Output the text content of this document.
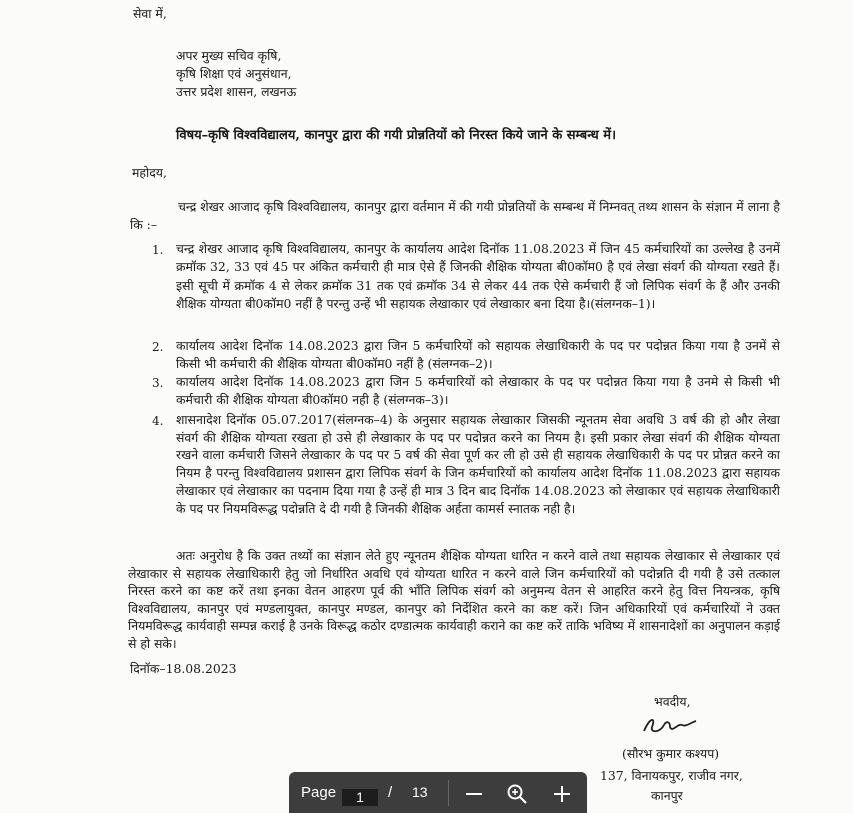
सेवा में,
अपर मुख्य सचिव कृषि,
कृषि शिक्षा एवं अनुसंधान,
उत्तर प्रदेश शासन, लखनऊ
विषय–कृषि विश्वविद्यालय, कानपुर द्वारा की गयी प्रोन्नतियों को निरस्त किये जाने के सम्बन्ध में।
महोदय,
चन्द्र शेखर आजाद कृषि विश्वविद्यालय, कानपुर द्वारा वर्तमान में की गयी प्रोन्नतियों के सम्बन्ध में निम्नवत् तथ्य शासन के संज्ञान में लाना है कि :–
1. चन्द्र शेखर आजाद कृषि विश्वविद्यालय, कानपुर के कार्यालय आदेश दिनॉक 11.08.2023 में जिन 45 कर्मचारियों का उल्लेख है उनमें क्रमॉक 32, 33 एवं 45 पर अंकित कर्मचारी ही मात्र ऐसे हैं जिनकी शैक्षिक योग्यता बी0कॉम0 है एवं लेखा संवर्ग की योग्यता रखते हैं। इसी सूची में क्रमॉक 4 से लेकर क्रमॉक 31 तक एवं क्रमॉक 34 से लेकर 44 तक ऐसे कर्मचारी हैं जो लिपिक संवर्ग के हैं और उनकी शैक्षिक योग्यता बी0कॉम0 नहीं है परन्तु उन्हें भी सहायक लेखाकार एवं लेखाकार बना दिया है।(संलग्नक–1)।
2. कार्यालय आदेश दिनॉक 14.08.2023 द्वारा जिन 5 कर्मचारियों को सहायक लेखाधिकारी के पद पर पदोन्नत किया गया है उनमें से किसी भी कर्मचारी की शैक्षिक योग्यता बी0कॉम0 नहीं है (संलग्नक–2)।
3. कार्यालय आदेश दिनॉक 14.08.2023 द्वारा जिन 5 कर्मचारियों को लेखाकार के पद पर पदोन्नत किया गया है उनमे से किसी भी कर्मचारी की शैक्षिक योग्यता बी0कॉम0 नही है (संलग्नक–3)।
4. शासनादेश दिनॉक 05.07.2017(संलग्नक–4) के अनुसार सहायक लेखाकार जिसकी न्यूनतम सेवा अवधि 3 वर्ष की हो और लेखा संवर्ग की शैक्षिक योग्यता रखता हो उसे ही लेखाकार के पद पर पदोन्नत करने का नियम है। इसी प्रकार लेखा संवर्ग की शैक्षिक योग्यता रखने वाला कर्मचारी जिसने लेखाकार के पद पर 5 वर्ष की सेवा पूर्ण कर ली हो उसे ही सहायक लेखाधिकारी के पद पर प्रोन्नत करने का नियम है परन्तु विश्वविद्यालय प्रशासन द्वारा लिपिक संवर्ग के जिन कर्मचारियों को कार्यालय आदेश दिनॉक 11.08.2023 द्वारा सहायक लेखाकार एवं लेखाकार का पदनाम दिया गया है उन्हें ही मात्र 3 दिन बाद दिनॉक 14.08.2023 को लेखाकार एवं सहायक लेखाधिकारी के पद पर नियमविरूद्ध पदोन्नति दे दी गयी है जिनकी शैक्षिक अर्हता कामर्स स्नातक नही है।
अतः अनुरोध है कि उक्त तथ्यों का संज्ञान लेते हुए न्यूनतम शैक्षिक योग्यता धारित न करने वाले तथा सहायक लेखाकार से लेखाकार एवं लेखाकार से सहायक लेखाधिकारी हेतु जो निर्धारित अवधि एवं योग्यता धारित न करने वाले जिन कर्मचारियों को पदोन्नति दी गयी है उसे तत्काल निरस्त करने का कष्ट करें तथा इनका वेतन आहरण पूर्व की भाँति लिपिक संवर्ग को अनुमन्य वेतन से आहरित करने हेतु वित्त नियन्त्रक, कृषि विश्वविद्यालय, कानपुर एवं मण्डलायुक्त, कानपुर मण्डल, कानपुर को निर्देशित करने का कष्ट करें। जिन अधिकारियों एवं कर्मचारियों ने उक्त नियमविरूद्ध कार्यवाही सम्पन्न कराई है उनके विरूद्ध कठोर दण्डात्मक कार्यवाही कराने का कष्ट करें ताकि भविष्य में शासनादेशों का अनुपालन कड़ाई से हो सके।
दिनॉक–18.08.2023
भवदीय,
(सौरभ कुमार कश्यप)
137, विनायकपुर, राजीव नगर,
कानपुर
Page	/ 13
1
